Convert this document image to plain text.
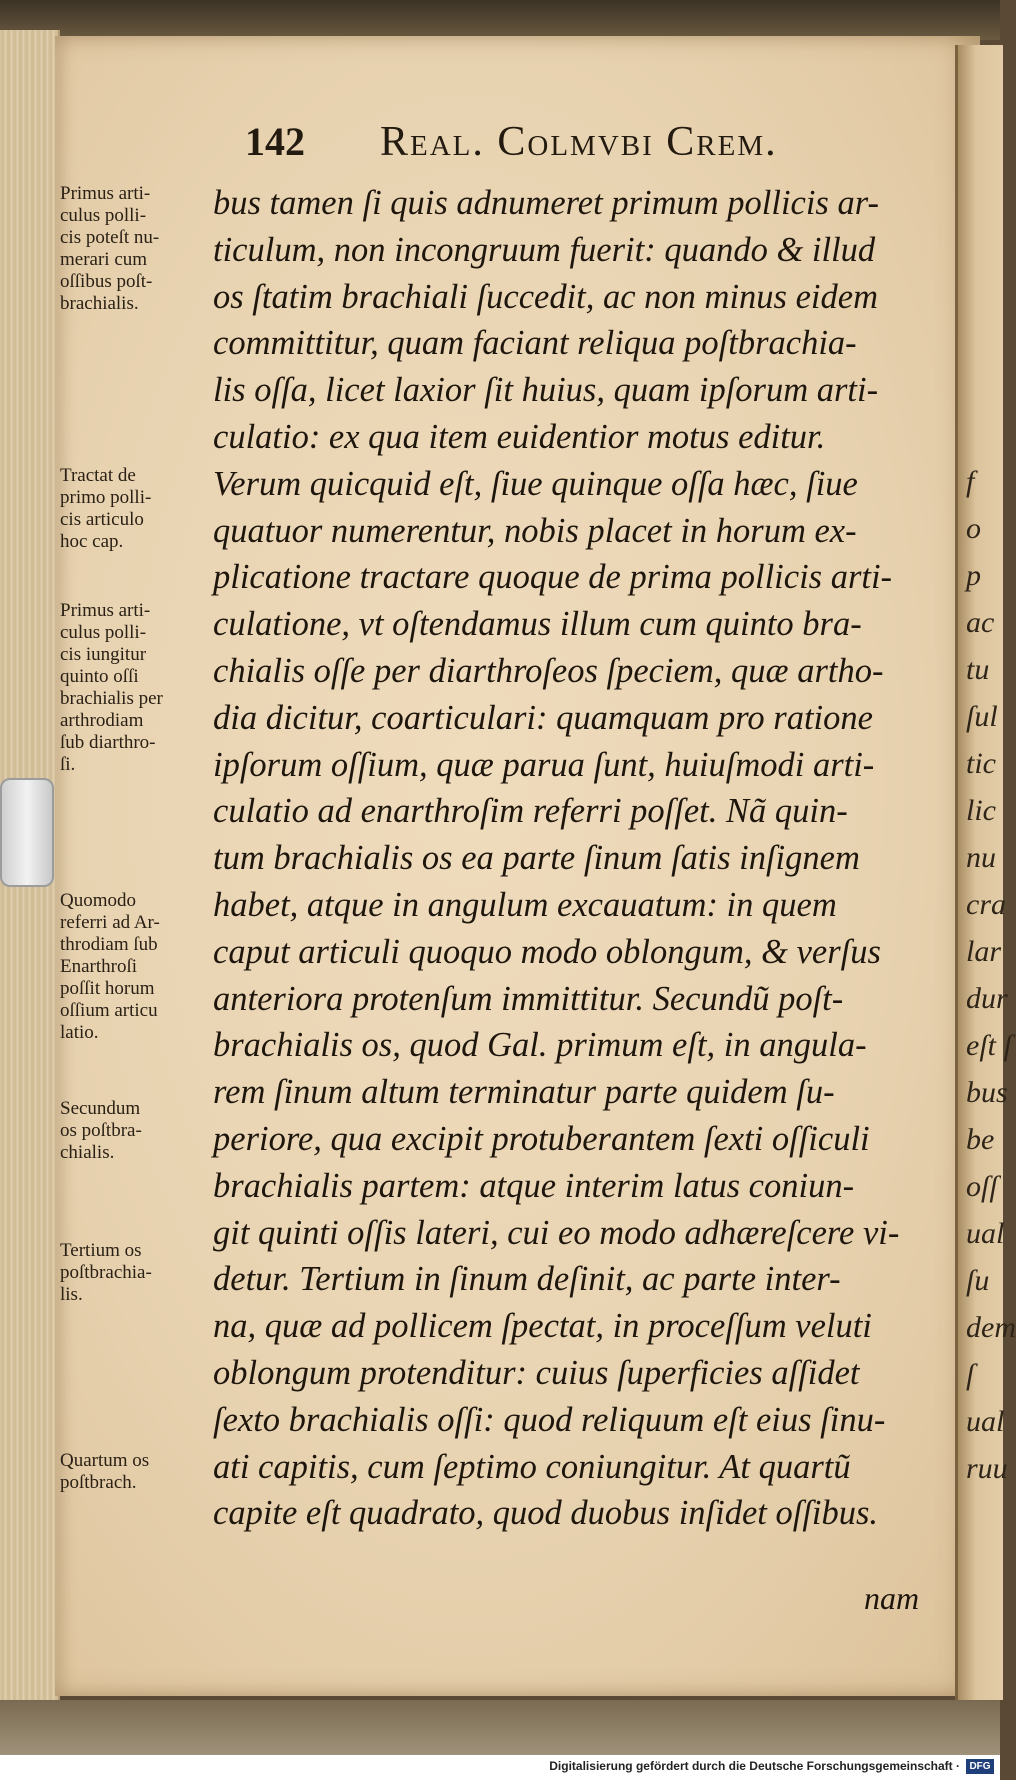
f
o
p
ac
tu
ſul
tic
lic
nu
cra
lar
dur
eſt ſ
bus
be
oſſ
ual
ſu
dem
ſ
ual
ruu
142 Real. Colmvbi Crem.
bus tamen ſi quis adnumeret primum pollicis ar-
ticulum, non incongruum fuerit: quando & illud
os ſtatim brachiali ſuccedit, ac non minus eidem
committitur, quam faciant reliqua poſtbrachia-
lis oſſa, licet laxior ſit huius, quam ipſorum arti-
culatio: ex qua item euidentior motus editur.
Verum quicquid eſt, ſiue quinque oſſa hæc, ſiue
quatuor numerentur, nobis placet in horum ex-
plicatione tractare quoque de prima pollicis arti-
culatione, vt oſtendamus illum cum quinto bra-
chialis oſſe per diarthroſeos ſpeciem, quæ artho-
dia dicitur, coarticulari: quamquam pro ratione
ipſorum oſſium, quæ parua ſunt, huiuſmodi arti-
culatio ad enarthroſim referri poſſet. Nã quin-
tum brachialis os ea parte ſinum ſatis inſignem
habet, atque in angulum excauatum: in quem
caput articuli quoquo modo oblongum, & verſus
anteriora protenſum immittitur. Secundũ poſt-
brachialis os, quod Gal. primum eſt, in angula-
rem ſinum altum terminatur parte quidem ſu-
periore, qua excipit protuberantem ſexti oſſiculi
brachialis partem: atque interim latus coniun-
git quinti oſſis lateri, cui eo modo adhæreſcere vi-
detur. Tertium in ſinum deſinit, ac parte inter-
na, quæ ad pollicem ſpectat, in proceſſum veluti
oblongum protenditur: cuius ſuperficies aſſidet
ſexto brachialis oſſi: quod reliquum eſt eius ſinu-
ati capitis, cum ſeptimo coniungitur. At quartũ
capite eſt quadrato, quod duobus inſidet oſſibus.
Primus arti-
culus polli-
cis poteſt nu-
merari cum
oſſibus poſt-
brachialis.
Tractat de
primo polli-
cis articulo
hoc cap.
Primus arti-
culus polli-
cis iungitur
quinto oſſi
brachialis per
arthrodiam
ſub diarthro-
ſi.
Quomodo
referri ad Ar-
throdiam ſub
Enarthroſi
poſſit horum
oſſium articu
latio.
Secundum
os poſtbra-
chialis.
Tertium os
poſtbrachia-
lis.
Quartum os
poſtbrach.
nam
Digitalisierung gefördert durch die Deutsche Forschungsgemeinschaft · DFG
